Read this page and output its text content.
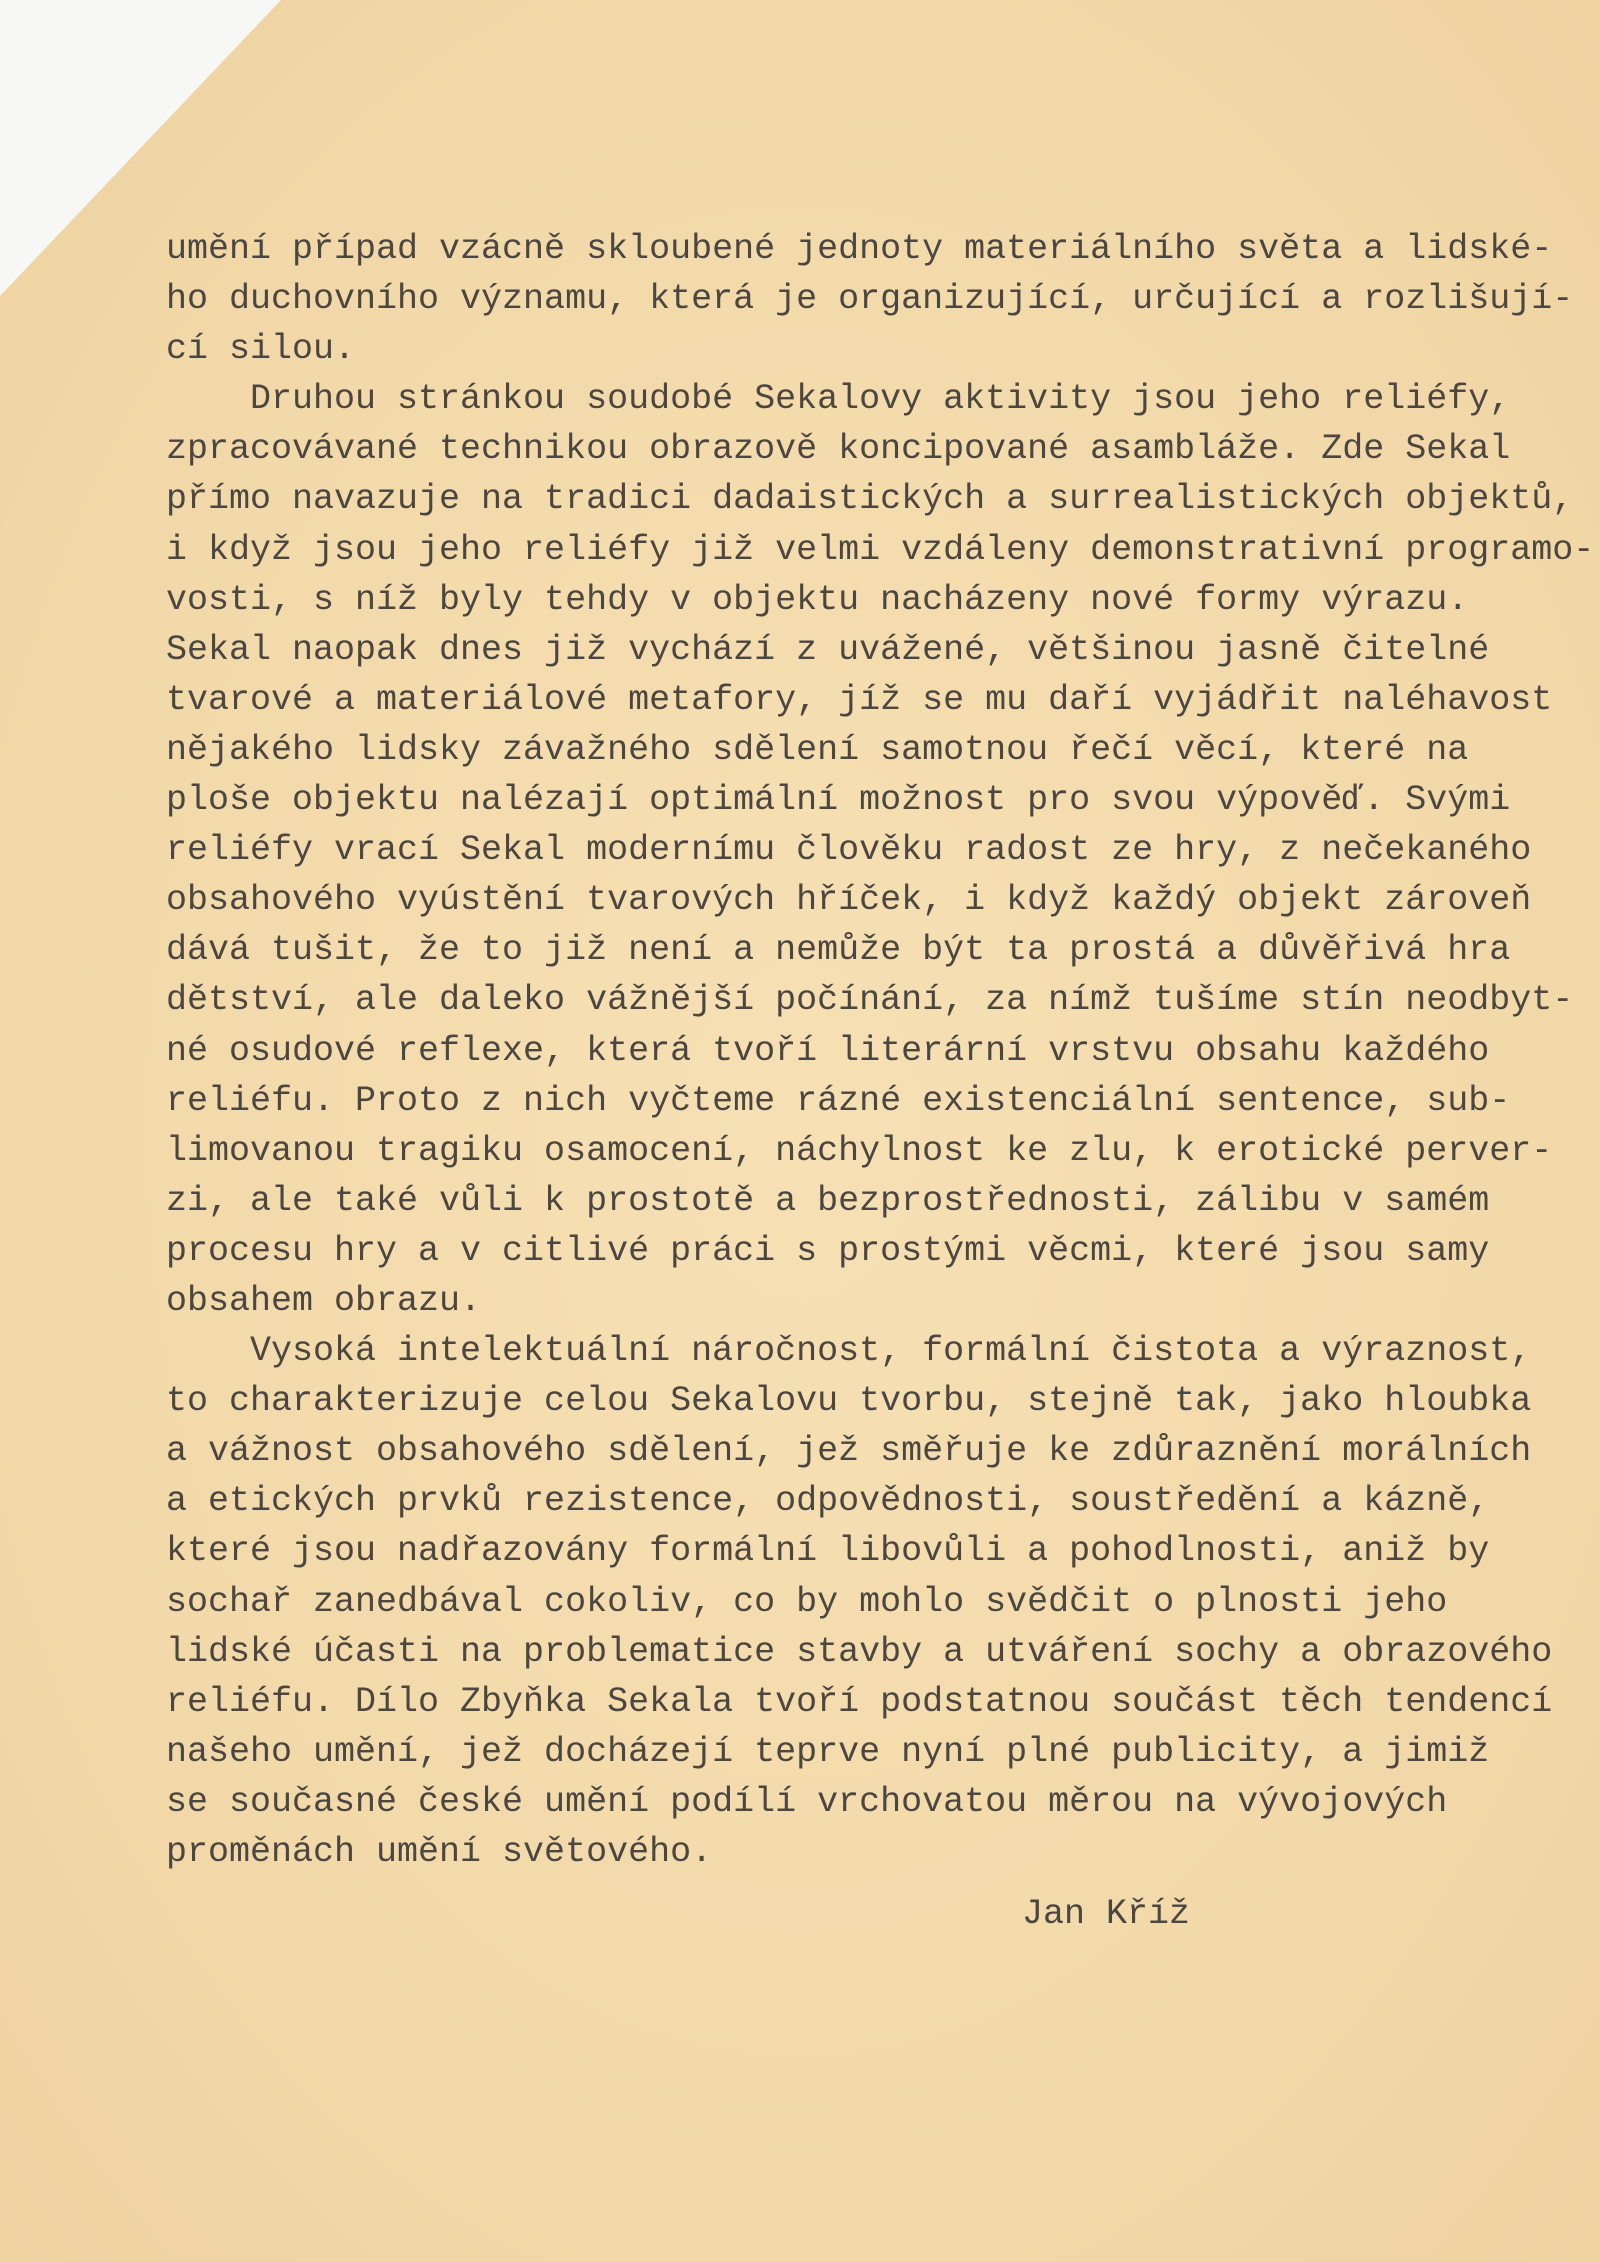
umění případ vzácně skloubené jednoty materiálního světa a lidské-
ho duchovního významu, která je organizující, určující a rozlišují-
cí silou.
Druhou stránkou soudobé Sekalovy aktivity jsou jeho reliéfy,
zpracovávané technikou obrazově koncipované asambláže. Zde Sekal
přímo navazuje na tradici dadaistických a surrealistických objektů,
i když jsou jeho reliéfy již velmi vzdáleny demonstrativní programo-
vosti, s níž byly tehdy v objektu nacházeny nové formy výrazu.
Sekal naopak dnes již vychází z uvážené, většinou jasně čitelné
tvarové a materiálové metafory, jíž se mu daří vyjádřit naléhavost
nějakého lidsky závažného sdělení samotnou řečí věcí, které na
ploše objektu nalézají optimální možnost pro svou výpověď. Svými
reliéfy vrací Sekal modernímu člověku radost ze hry, z nečekaného
obsahového vyústění tvarových hříček, i když každý objekt zároveň
dává tušit, že to již není a nemůže být ta prostá a důvěřivá hra
dětství, ale daleko vážnější počínání, za nímž tušíme stín neodbyt-
né osudové reflexe, která tvoří literární vrstvu obsahu každého
reliéfu. Proto z nich vyčteme rázné existenciální sentence, sub-
limovanou tragiku osamocení, náchylnost ke zlu, k erotické perver-
zi, ale také vůli k prostotě a bezprostřednosti, zálibu v samém
procesu hry a v citlivé práci s prostými věcmi, které jsou samy
obsahem obrazu.
Vysoká intelektuální náročnost, formální čistota a výraznost,
to charakterizuje celou Sekalovu tvorbu, stejně tak, jako hloubka
a vážnost obsahového sdělení, jež směřuje ke zdůraznění morálních
a etických prvků rezistence, odpovědnosti, soustředění a kázně,
které jsou nadřazovány formální libovůli a pohodlnosti, aniž by
sochař zanedbával cokoliv, co by mohlo svědčit o plnosti jeho
lidské účasti na problematice stavby a utváření sochy a obrazového
reliéfu. Dílo Zbyňka Sekala tvoří podstatnou součást těch tendencí
našeho umění, jež docházejí teprve nyní plné publicity, a jimiž
se současné české umění podílí vrchovatou měrou na vývojových
proměnách umění světového.
Jan Kříž
